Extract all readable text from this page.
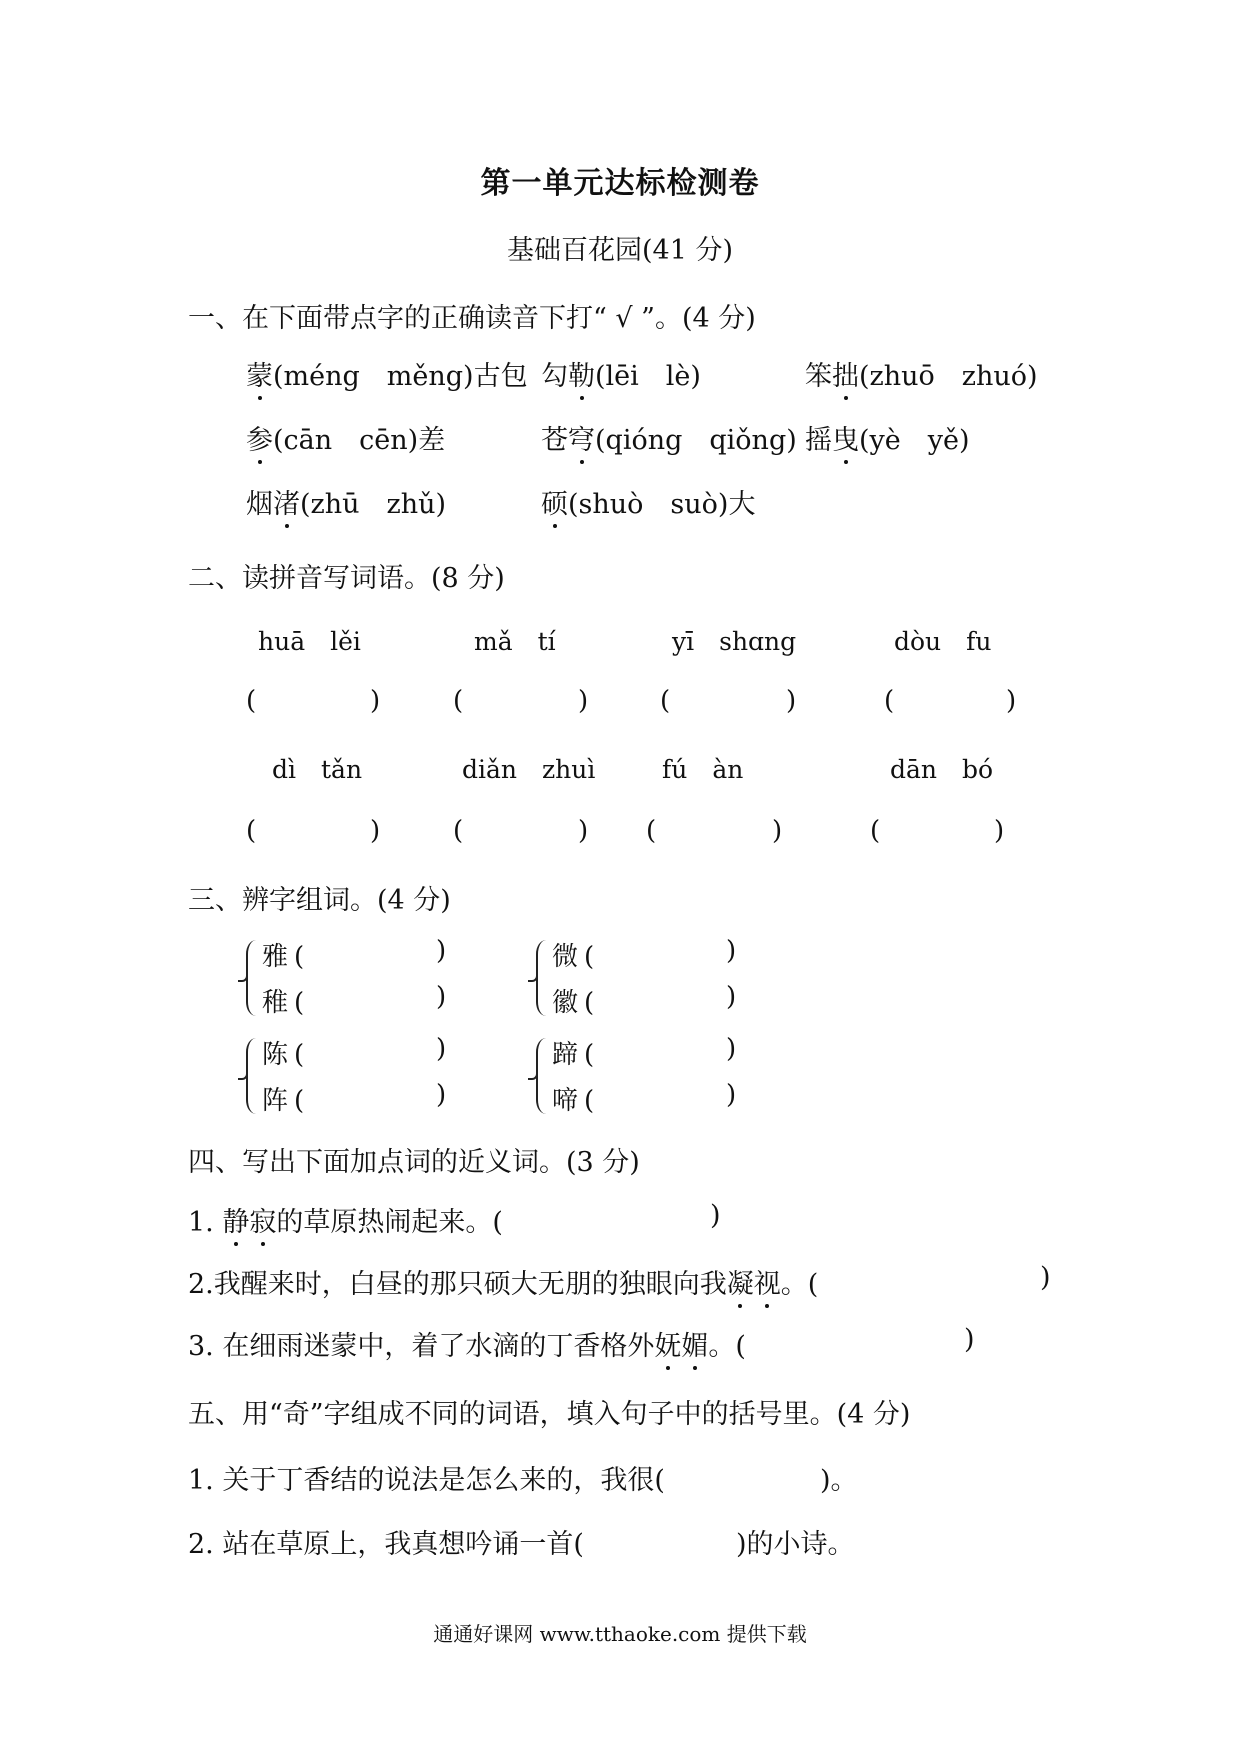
第一单元达标检测卷
基础百花园(41 分)
一、在下面带点字的正确读音下打“ √ ”。(4 分)
蒙(méng　měng)古包 勾勒(lēi　lè)	笨拙(zhuō　zhuó)
参(cān　cēn)差	苍穹(qióng　qiǒng) 摇曳(yè　yě)
烟渚(zhū　zhǔ)	硕(shuò　suò)大
二、读拼音写词语。(8 分)
huā　lěi	mǎ　tí	yī　shɑng	dòu　fu
(	)	(	)	(	)	(	)
dì　tǎn	diǎn　zhuì	fú　àn	dān　bó
(	)	(	) (	)	(	)
三、辨字组词。(4 分)
雅 (	)
稚 (	)
微 (	)
徽 (	)
陈 (	)
阵 (	)
蹄 (	)
啼 (	)
四、写出下面加点词的近义词。(3 分)
1. 静寂的草原热闹起来。(	)
2.我醒来时，白昼的那只硕大无朋的独眼向我凝视。(	)
3. 在细雨迷蒙中，着了水滴的丁香格外妩媚。(	)
五、用“奇”字组成不同的词语，填入句子中的括号里。(4 分)
1. 关于丁香结的说法是怎么来的，我很(	)。
2. 站在草原上，我真想吟诵一首(	)的小诗。
通通好课网 www.tthaoke.com 提供下载
